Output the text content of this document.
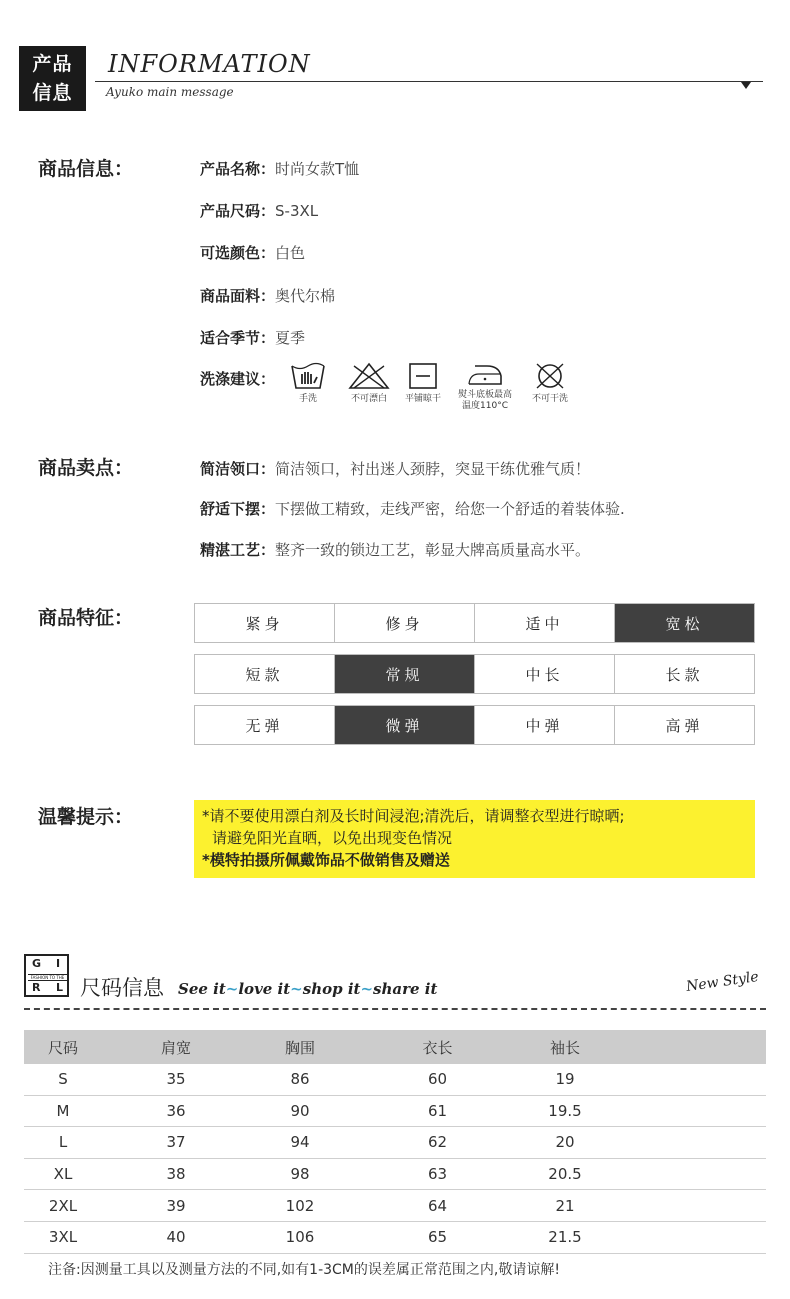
产品
信息
INFORMATION
Ayuko main message
商品信息：	产品名称：时尚女款T恤
产品尺码：S-3XL
可选颜色：白色
商品面料：奥代尔棉
适合季节：夏季
洗涤建议：
手洗	不可漂白	平铺晾干	熨斗底板最高
温度110°C
不可干洗
商品卖点：	简洁领口：简洁领口，衬出迷人颈脖，突显干练优雅气质！
舒适下摆：下摆做工精致，走线严密，给您一个舒适的着装体验.
精湛工艺：整齐一致的锁边工艺，彰显大牌高质量高水平。
商品特征：	紧身	修身	适中	宽松
短款	常规	中长	长款
无弹	微弹	中弹	高弹
温馨提示：	*请不要使用漂白剂及长时间浸泡;清洗后，请调整衣型进行晾晒;
请避免阳光直晒，以免出现变色情况
*模特拍摄所佩戴饰品不做销售及赠送
G I
FASHION TO THE
R L 尺码信息 See it~love it~shop it~share it	New Style
尺码	肩宽	胸围	衣长	袖长
S	35	86	60	19
M	36	90	61	19.5
L	37	94	62	20
XL	38	98	63	20.5
2XL	39	102	64	21
3XL	40	106	65	21.5
注备:因测量工具以及测量方法的不同,如有1-3CM的误差属正常范围之内,敬请谅解!
